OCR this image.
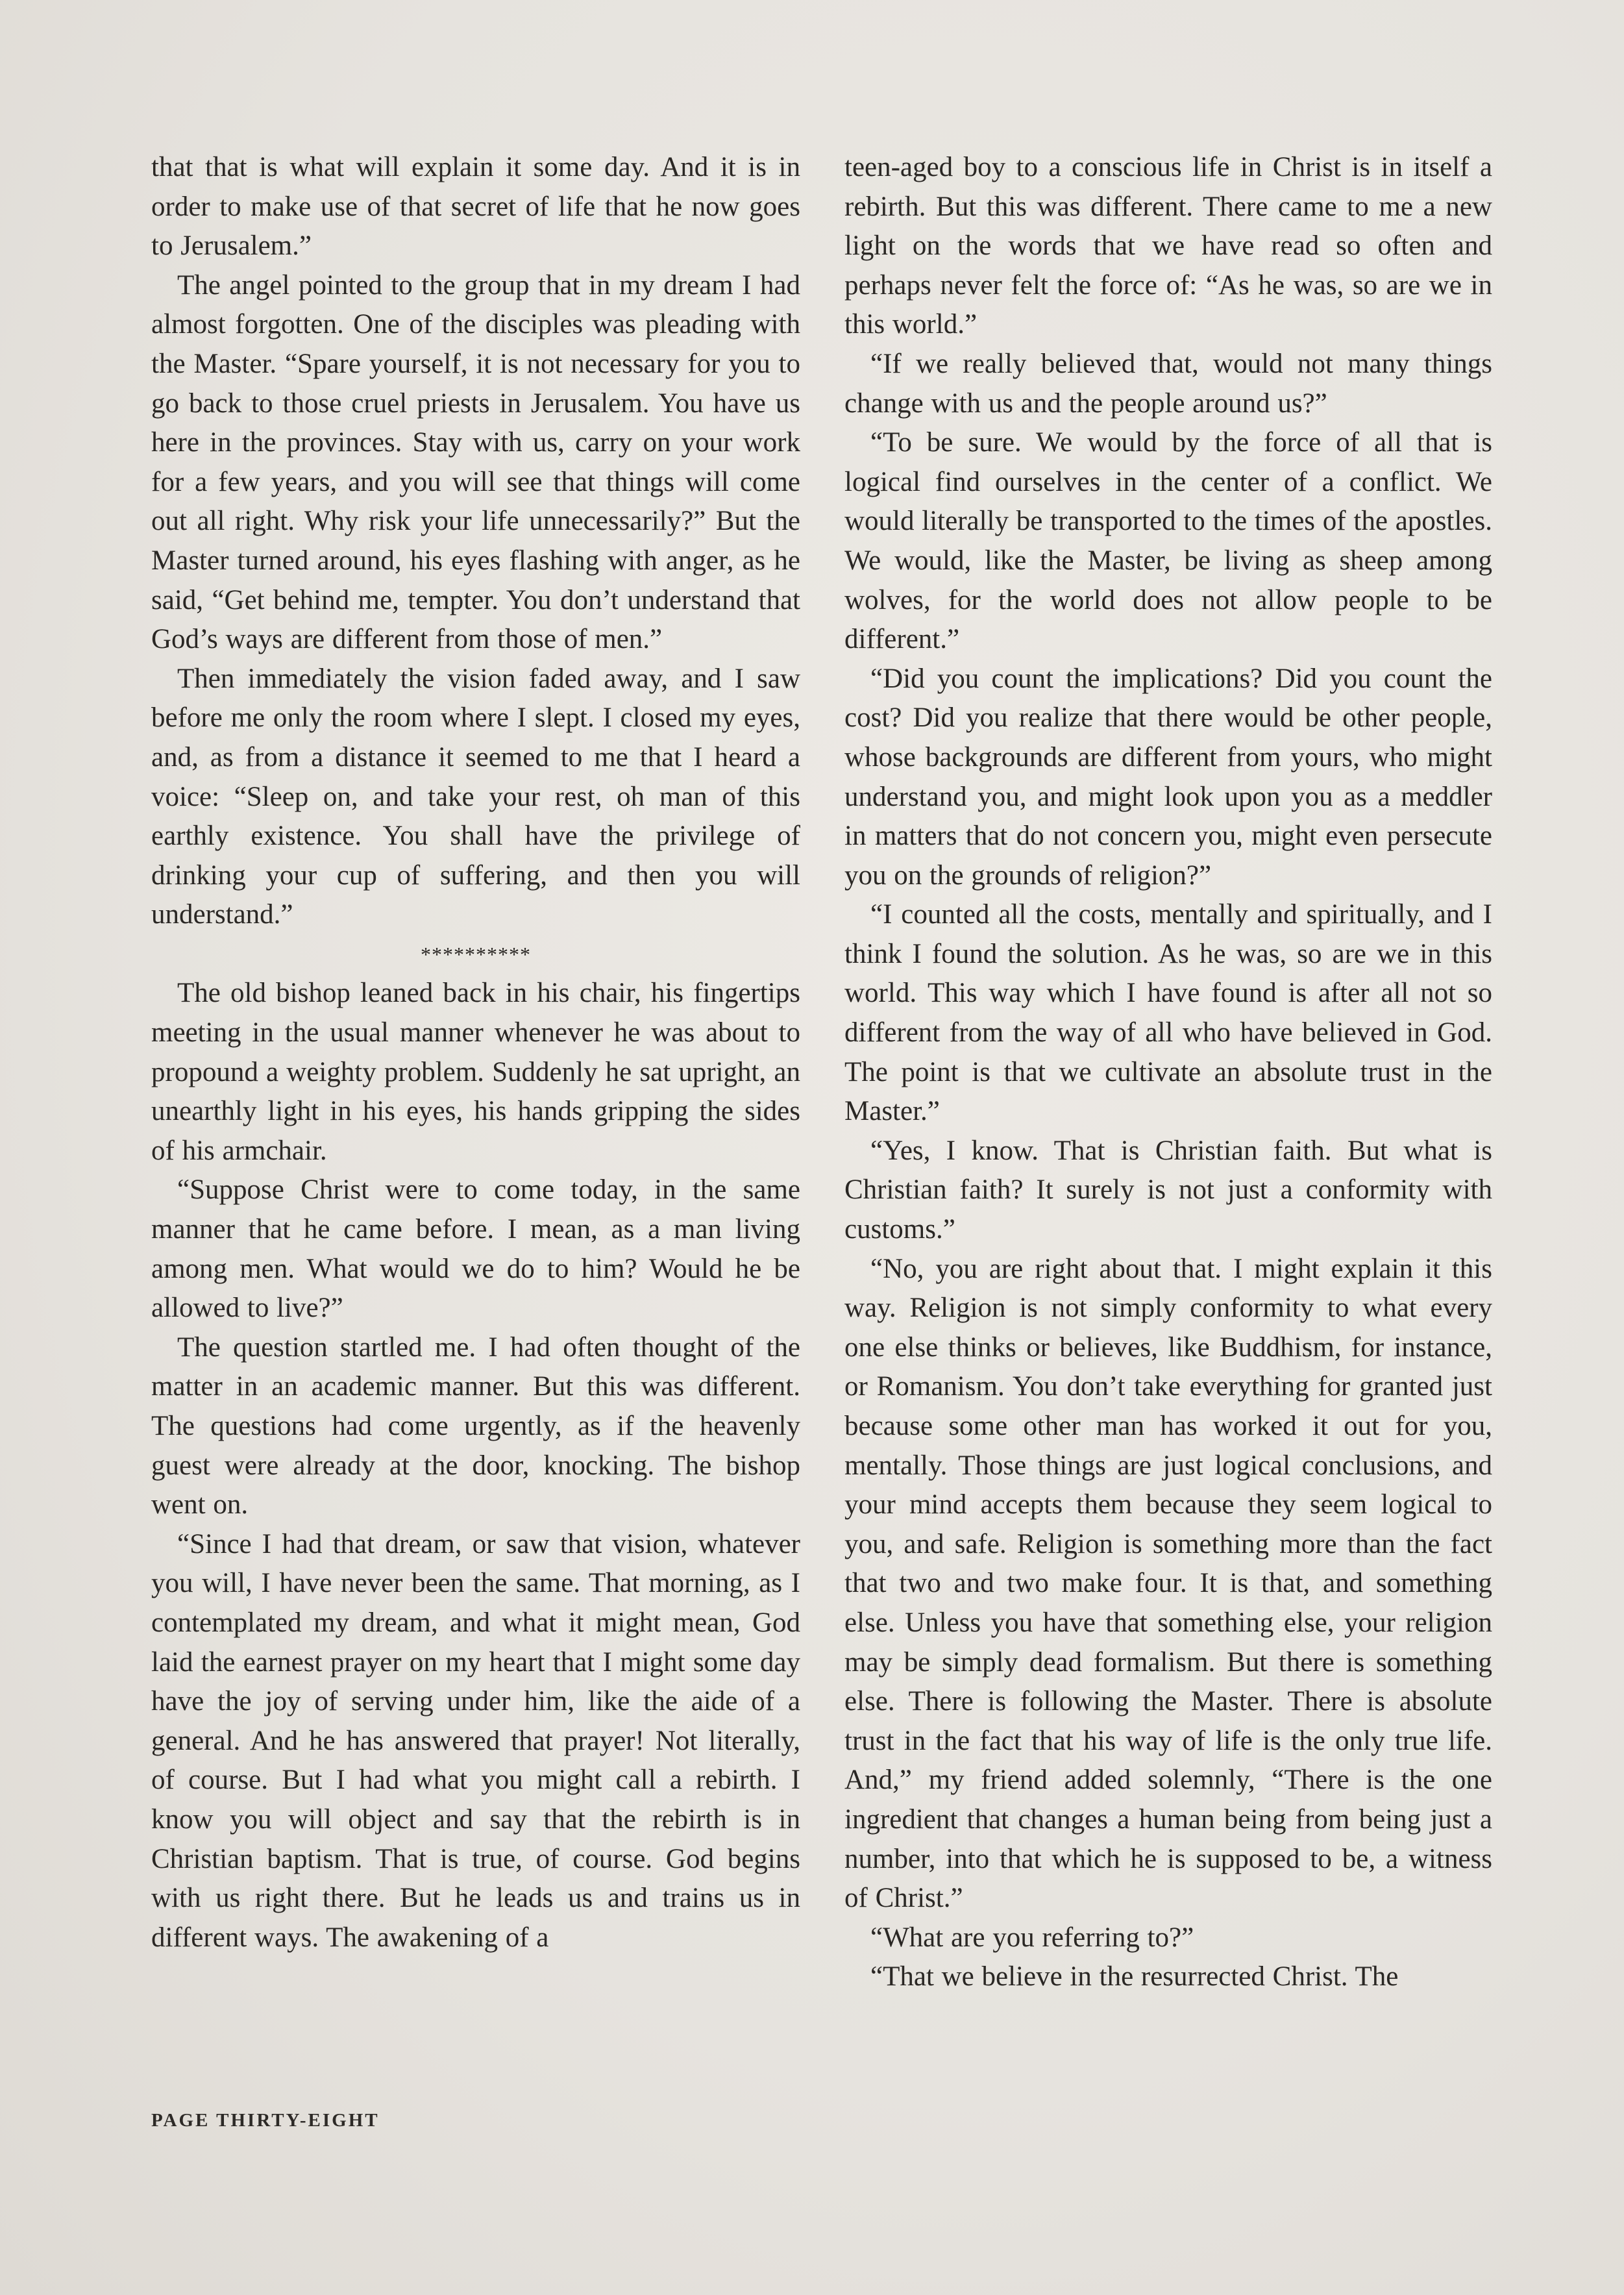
that that is what will explain it some day. And it is in order to make use of that secret of life that he now goes to Jerusalem.”

The angel pointed to the group that in my dream I had almost forgotten. One of the disciples was pleading with the Master. “Spare yourself, it is not necessary for you to go back to those cruel priests in Jerusalem. You have us here in the provinces. Stay with us, carry on your work for a few years, and you will see that things will come out all right. Why risk your life unnecessarily?” But the Master turned around, his eyes flashing with anger, as he said, “Get behind me, tempter. You don’t understand that God’s ways are different from those of men.”

Then immediately the vision faded away, and I saw before me only the room where I slept. I closed my eyes, and, as from a distance it seemed to me that I heard a voice: “Sleep on, and take your rest, oh man of this earthly existence. You shall have the privilege of drinking your cup of suffering, and then you will understand.”

**********

The old bishop leaned back in his chair, his fingertips meeting in the usual manner whenever he was about to propound a weighty problem. Suddenly he sat upright, an unearthly light in his eyes, his hands gripping the sides of his armchair.

“Suppose Christ were to come today, in the same manner that he came before. I mean, as a man living among men. What would we do to him? Would he be allowed to live?”

The question startled me. I had often thought of the matter in an academic manner. But this was different. The questions had come urgently, as if the heavenly guest were already at the door, knocking. The bishop went on.

“Since I had that dream, or saw that vision, whatever you will, I have never been the same. That morning, as I contemplated my dream, and what it might mean, God laid the earnest prayer on my heart that I might some day have the joy of serving under him, like the aide of a general. And he has answered that prayer! Not literally, of course. But I had what you might call a rebirth. I know you will object and say that the rebirth is in Christian baptism. That is true, of course. God begins with us right there. But he leads us and trains us in different ways. The awakening of a

teen-aged boy to a conscious life in Christ is in itself a rebirth. But this was different. There came to me a new light on the words that we have read so often and perhaps never felt the force of: “As he was, so are we in this world.”

“If we really believed that, would not many things change with us and the people around us?”

“To be sure. We would by the force of all that is logical find ourselves in the center of a conflict. We would literally be transported to the times of the apostles. We would, like the Master, be living as sheep among wolves, for the world does not allow people to be different.”

“Did you count the implications? Did you count the cost? Did you realize that there would be other people, whose backgrounds are different from yours, who might understand you, and might look upon you as a meddler in matters that do not concern you, might even persecute you on the grounds of religion?”

“I counted all the costs, mentally and spiritually, and I think I found the solution. As he was, so are we in this world. This way which I have found is after all not so different from the way of all who have believed in God. The point is that we cultivate an absolute trust in the Master.”

“Yes, I know. That is Christian faith. But what is Christian faith? It surely is not just a conformity with customs.”

“No, you are right about that. I might explain it this way. Religion is not simply conformity to what every one else thinks or believes, like Buddhism, for instance, or Romanism. You don’t take everything for granted just because some other man has worked it out for you, mentally. Those things are just logical conclusions, and your mind accepts them because they seem logical to you, and safe. Religion is something more than the fact that two and two make four. It is that, and something else. Unless you have that something else, your religion may be simply dead formalism. But there is something else. There is following the Master. There is absolute trust in the fact that his way of life is the only true life. And,” my friend added solemnly, “There is the one ingredient that changes a human being from being just a number, into that which he is supposed to be, a witness of Christ.”

“What are you referring to?”

“That we believe in the resurrected Christ. The

PAGE THIRTY-EIGHT
